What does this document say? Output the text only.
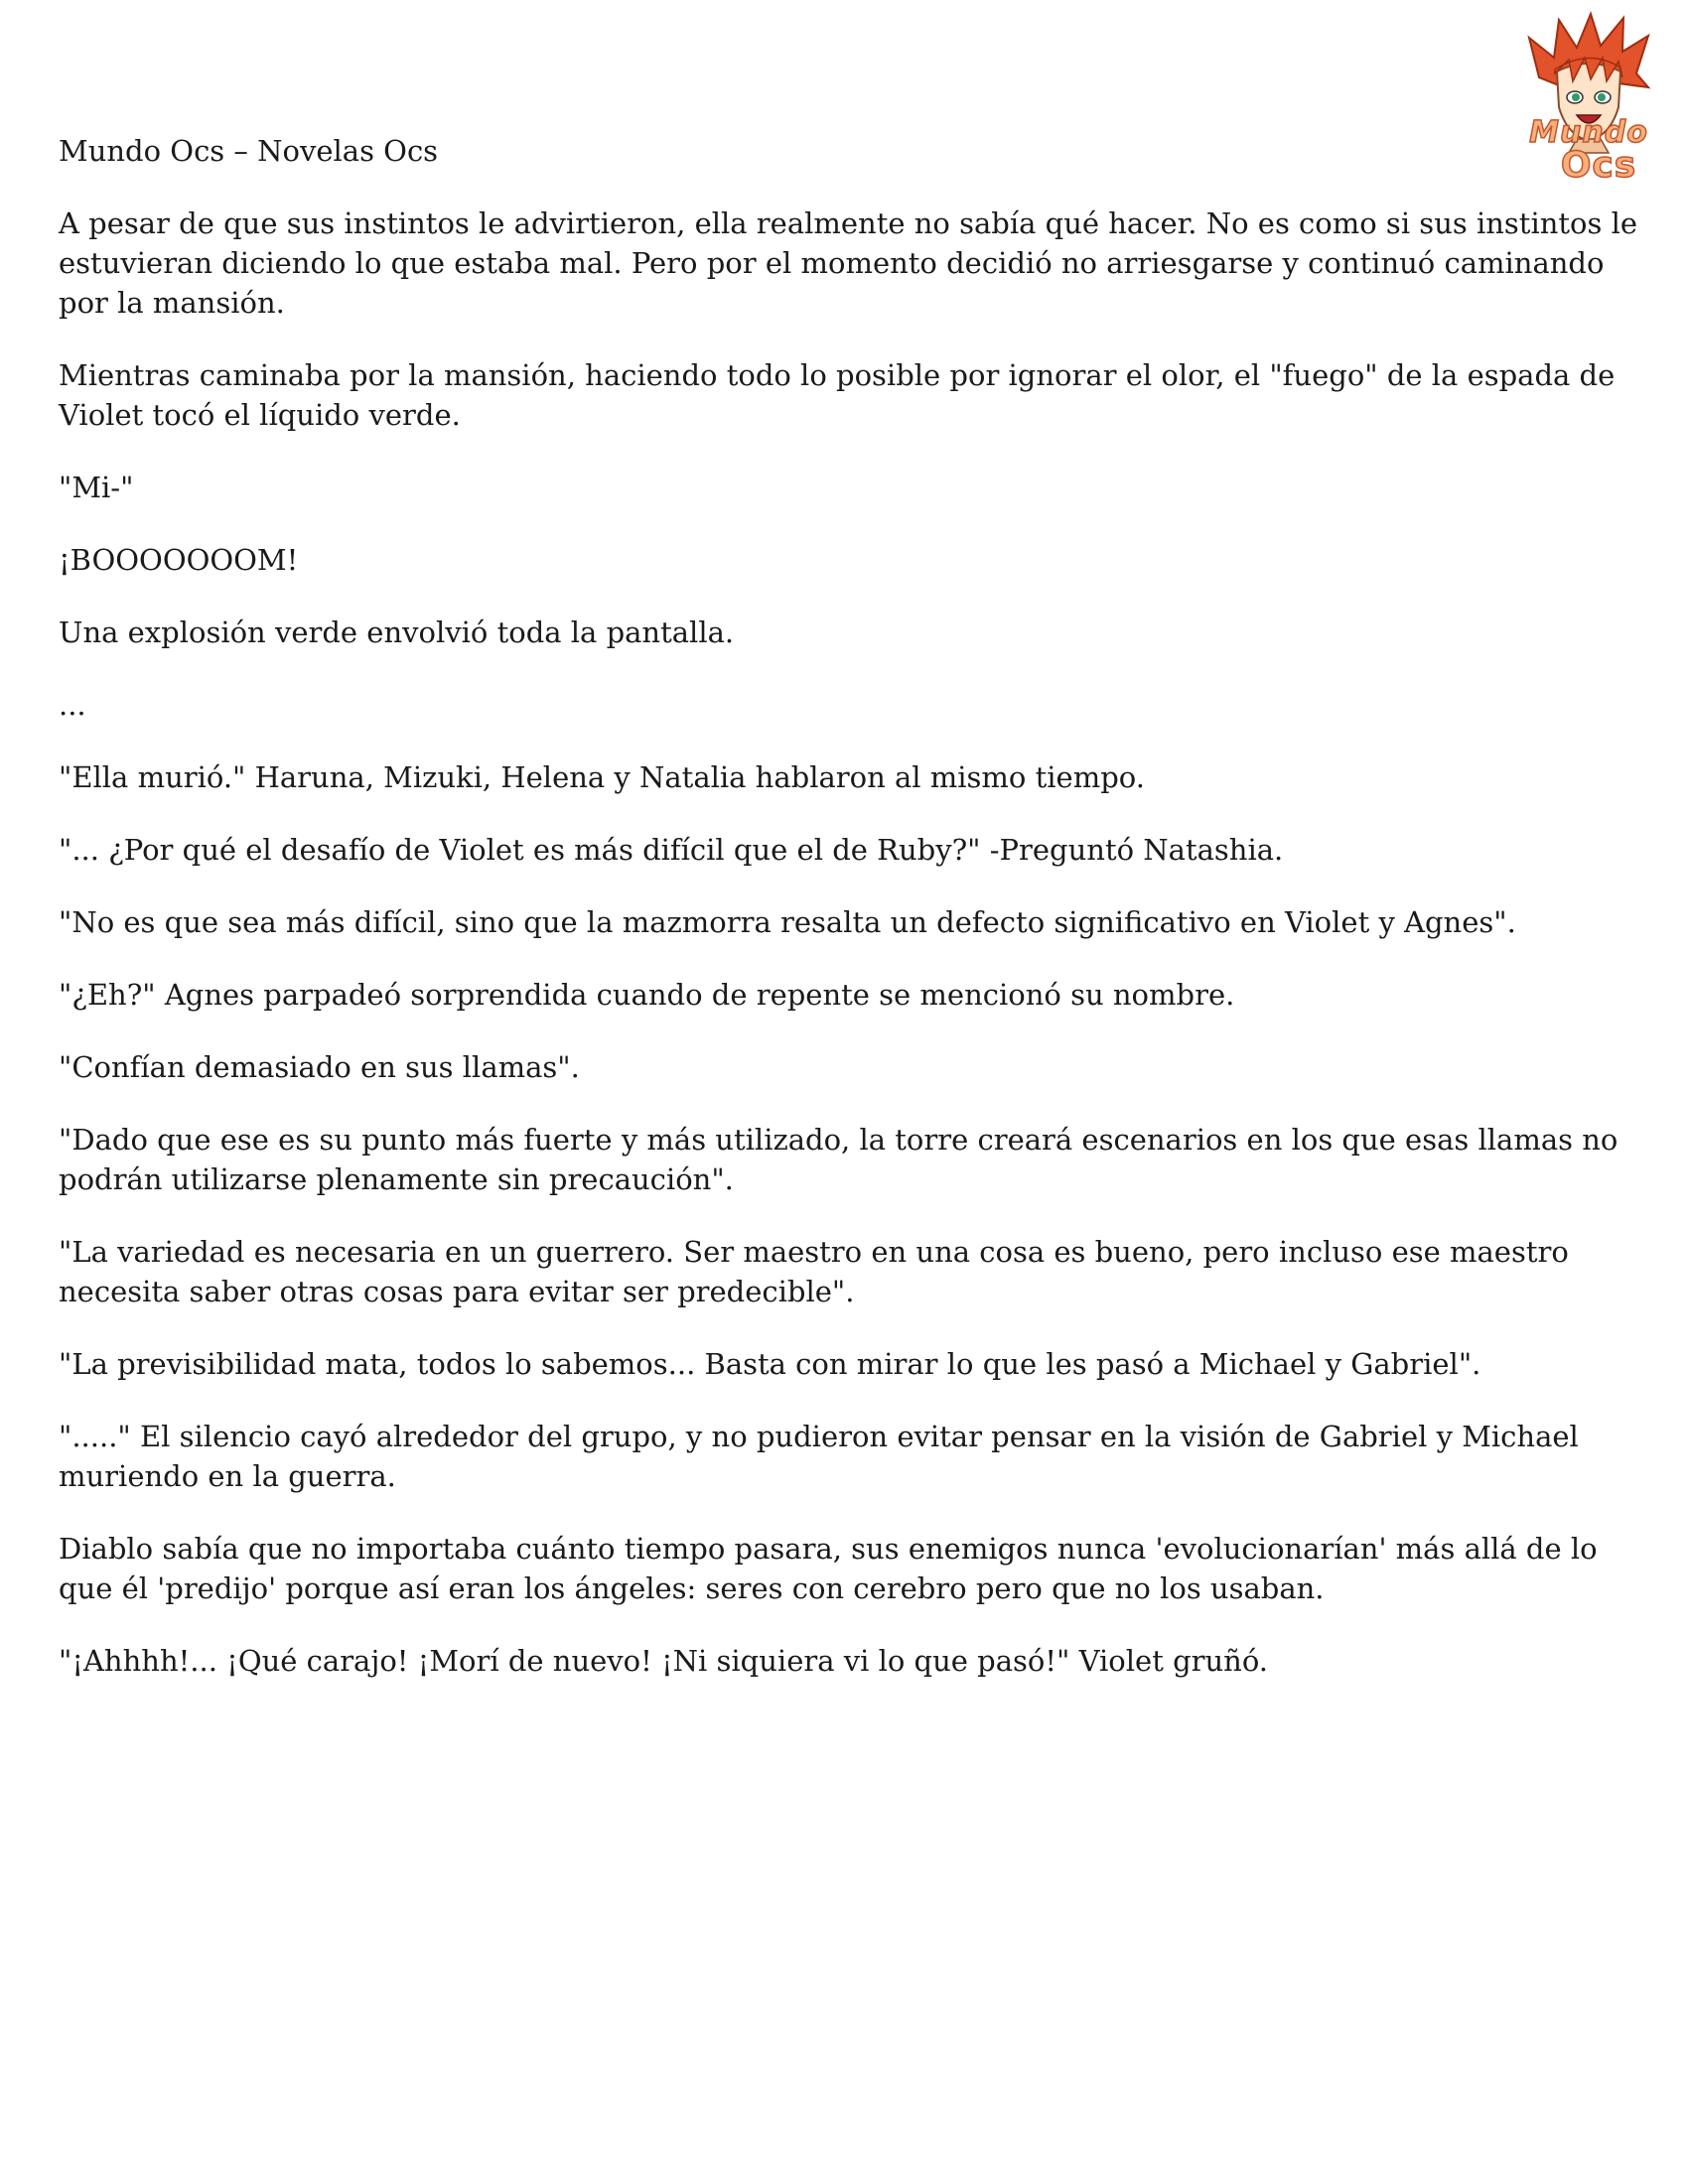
Mundo
Ocs

Mundo Ocs – Novelas Ocs

A pesar de que sus instintos le advirtieron, ella realmente no sabía qué hacer. No es como si sus instintos le estuvieran diciendo lo que estaba mal. Pero por el momento decidió no arriesgarse y continuó caminando por la mansión.

Mientras caminaba por la mansión, haciendo todo lo posible por ignorar el olor, el "fuego" de la espada de Violet tocó el líquido verde.

"Mi-"

¡BOOOOOOOM!

Una explosión verde envolvió toda la pantalla.

...

"Ella murió." Haruna, Mizuki, Helena y Natalia hablaron al mismo tiempo.

"... ¿Por qué el desafío de Violet es más difícil que el de Ruby?" -Preguntó Natashia.

"No es que sea más difícil, sino que la mazmorra resalta un defecto significativo en Violet y Agnes".

"¿Eh?" Agnes parpadeó sorprendida cuando de repente se mencionó su nombre.

"Confían demasiado en sus llamas".

"Dado que ese es su punto más fuerte y más utilizado, la torre creará escenarios en los que esas llamas no podrán utilizarse plenamente sin precaución".

"La variedad es necesaria en un guerrero. Ser maestro en una cosa es bueno, pero incluso ese maestro necesita saber otras cosas para evitar ser predecible".

"La previsibilidad mata, todos lo sabemos... Basta con mirar lo que les pasó a Michael y Gabriel".

"....." El silencio cayó alrededor del grupo, y no pudieron evitar pensar en la visión de Gabriel y Michael muriendo en la guerra.

Diablo sabía que no importaba cuánto tiempo pasara, sus enemigos nunca 'evolucionarían' más allá de lo que él 'predijo' porque así eran los ángeles: seres con cerebro pero que no los usaban.

"¡Ahhhh!... ¡Qué carajo! ¡Morí de nuevo! ¡Ni siquiera vi lo que pasó!" Violet gruñó.
